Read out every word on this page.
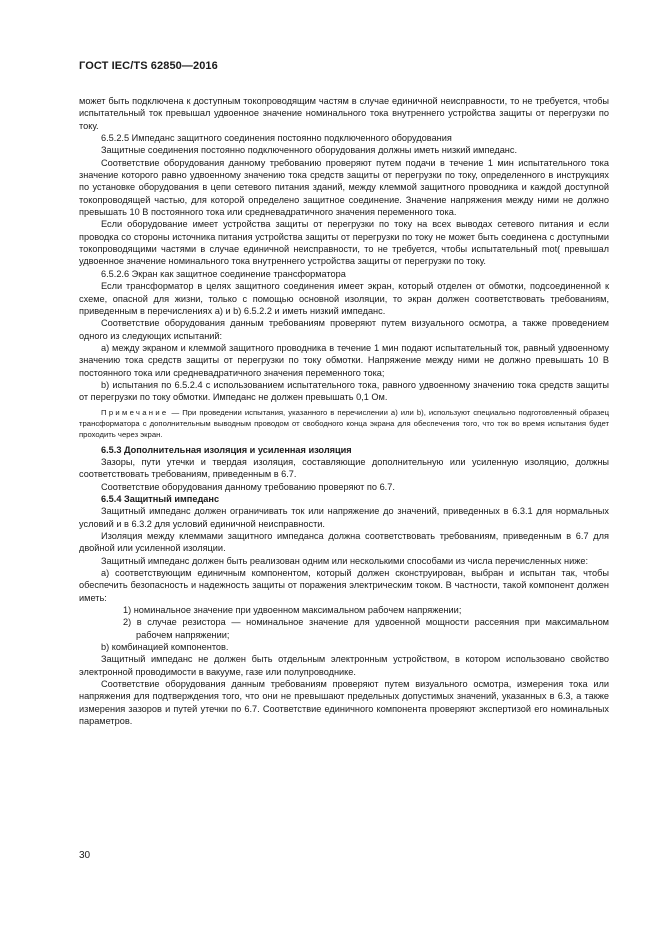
ГОСТ IEC/TS 62850—2016

может быть подключена к доступным токопроводящим частям в случае единичной неисправности, то не требуется, чтобы испытательный ток превышал удвоенное значение номинального тока внутреннего устройства защиты от перегрузки по току.

6.5.2.5 Импеданс защитного соединения постоянно подключенного оборудования

Защитные соединения постоянно подключенного оборудования должны иметь низкий импеданс.

Соответствие оборудования данному требованию проверяют путем подачи в течение 1 мин испытательного тока значение которого равно удвоенному значению тока средств защиты от перегрузки по току, определенного в инструкциях по установке оборудования в цепи сетевого питания зданий, между клеммой защитного проводника и каждой доступной токопроводящей частью, для которой определено защитное соединение. Значение напряжения между ними не должно превышать 10 В постоянного тока или средневадратичного значения переменного тока.

Если оборудование имеет устройства защиты от перегрузки по току на всех выводах сетевого питания и если проводка со стороны источника питания устройства защиты от перегрузки по току не может быть соединена с доступными токопроводящими частями в случае единичной неисправности, то не требуется, чтобы испытательный mot( превышал удвоенное значение номинального тока внутреннего устройства защиты от перегрузки по току.

6.5.2.6 Экран как защитное соединение трансформатора

Если трансформатор в целях защитного соединения имеет экран, который отделен от обмотки, подсоединенной к схеме, опасной для жизни, только с помощью основной изоляции, то экран должен соответствовать требованиям, приведенным в перечислениях а) и b) 6.5.2.2 и иметь низкий импеданс.

Соответствие оборудования данным требованиям проверяют путем визуального осмотра, а также проведением одного из следующих испытаний:

а) между экраном и клеммой защитного проводника в течение 1 мин подают испытательный ток, равный удвоенному значению тока средств защиты от перегрузки по току обмотки. Напряжение между ними не должно превышать 10 В постоянного тока или средневадратичного значения переменного тока;

b) испытания по 6.5.2.4 с использованием испытательного тока, равного удвоенному значению тока средств защиты от перегрузки по току обмотки. Импеданс не должен превышать 0,1 Ом.

Примечание — При проведении испытания, указанного в перечислении а) или b), используют специально подготовленный образец трансформатора с дополнительным выводным проводом от свободного конца экрана для обеспечения того, что ток во время испытания будет проходить через экран.

6.5.3 Дополнительная изоляция и усиленная изоляция

Зазоры, пути утечки и твердая изоляция, составляющие дополнительную или усиленную изоляцию, должны соответствовать требованиям, приведенным в 6.7.

Соответствие оборудования данному требованию проверяют по 6.7.

6.5.4 Защитный импеданс

Защитный импеданс должен ограничивать ток или напряжение до значений, приведенных в 6.3.1 для нормальных условий и в 6.3.2 для условий единичной неисправности.

Изоляция между клеммами защитного импеданса должна соответствовать требованиям, приведенным в 6.7 для двойной или усиленной изоляции.

Защитный импеданс должен быть реализован одним или несколькими способами из числа перечисленных ниже:

а) соответствующим единичным компонентом, который должен сконструирован, выбран и испытан так, чтобы обеспечить безопасность и надежность защиты от поражения электрическим током. В частности, такой компонент должен иметь:

1) номинальное значение при удвоенном максимальном рабочем напряжении;

2) в случае резистора — номинальное значение для удвоенной мощности рассеяния при максимальном рабочем напряжении;

b) комбинацией компонентов.

Защитный импеданс не должен быть отдельным электронным устройством, в котором использовано свойство электронной проводимости в вакууме, газе или полупроводнике.

Соответствие оборудования данным требованиям проверяют путем визуального осмотра, измерения тока или напряжения для подтверждения того, что они не превышают предельных допустимых значений, указанных в 6.3, а также измерения зазоров и путей утечки по 6.7. Соответствие единичного компонента проверяют экспертизой его номинальных параметров.

30
